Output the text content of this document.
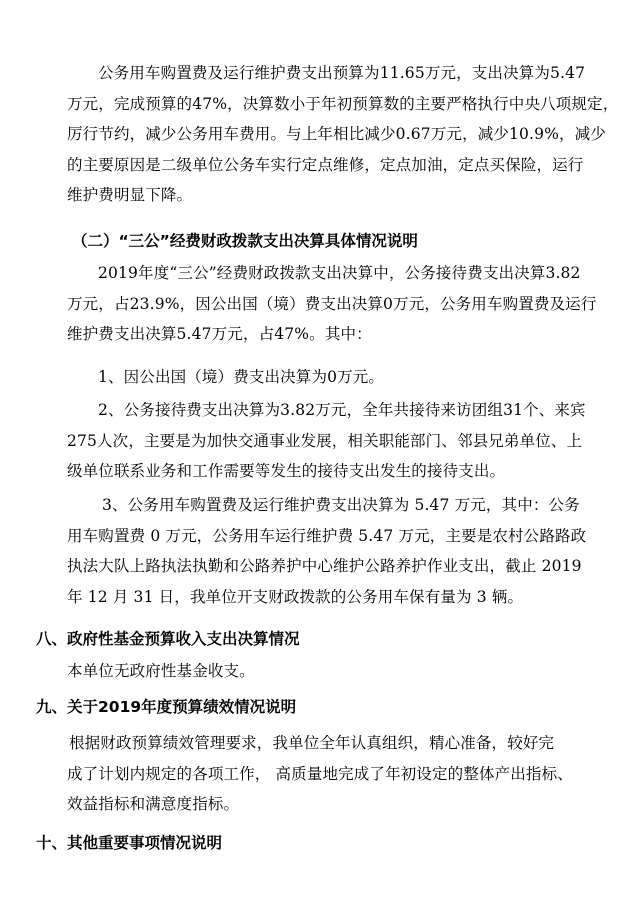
公务用车购置费及运行维护费支出预算为11.65万元，支出决算为5.47
万元，完成预算的47%，决算数小于年初预算数的主要严格执行中央八项规定，
厉行节约，减少公务用车费用。与上年相比减少0.67万元，减少10.9%，减少
的主要原因是二级单位公务车实行定点维修，定点加油，定点买保险，运行
维护费明显下降。
（二）“三公”经费财政拨款支出决算具体情况说明
2019年度“三公”经费财政拨款支出决算中，公务接待费支出决算3.82
万元，占23.9%，因公出国（境）费支出决算0万元，公务用车购置费及运行
维护费支出决算5.47万元，占47%。其中：
1、因公出国（境）费支出决算为0万元。
2、公务接待费支出决算为3.82万元，全年共接待来访团组31个、来宾
275人次，主要是为加快交通事业发展，相关职能部门、邻县兄弟单位、上
级单位联系业务和工作需要等发生的接待支出发生的接待支出。
3、公务用车购置费及运行维护费支出决算为 5.47 万元，其中：公务
用车购置费 0 万元，公务用车运行维护费 5.47 万元，主要是农村公路路政
执法大队上路执法执勤和公路养护中心维护公路养护作业支出，截止 2019
年 12 月 31 日，我单位开支财政拨款的公务用车保有量为 3 辆。
八、政府性基金预算收入支出决算情况
本单位无政府性基金收支。
九、关于2019年度预算绩效情况说明
根据财政预算绩效管理要求，我单位全年认真组织，精心准备，较好完
成了计划内规定的各项工作， 高质量地完成了年初设定的整体产出指标、
效益指标和满意度指标。
十、其他重要事项情况说明
